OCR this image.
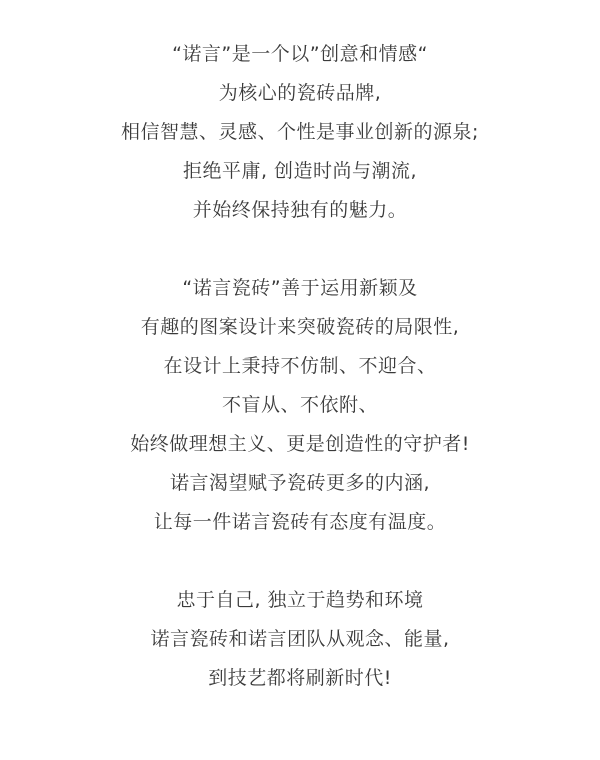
“诺言”是一个以”创意和情感“
为核心的瓷砖品牌,
相信智慧、灵感、个性是事业创新的源泉;
拒绝平庸, 创造时尚与潮流,
并始终保持独有的魅力。
“诺言瓷砖”善于运用新颖及
有趣的图案设计来突破瓷砖的局限性,
在设计上秉持不仿制、不迎合、
不盲从、不依附、
始终做理想主义、更是创造性的守护者!
诺言渴望赋予瓷砖更多的内涵,
让每一件诺言瓷砖有态度有温度。
忠于自己, 独立于趋势和环境
诺言瓷砖和诺言团队从观念、能量,
到技艺都将刷新时代!
